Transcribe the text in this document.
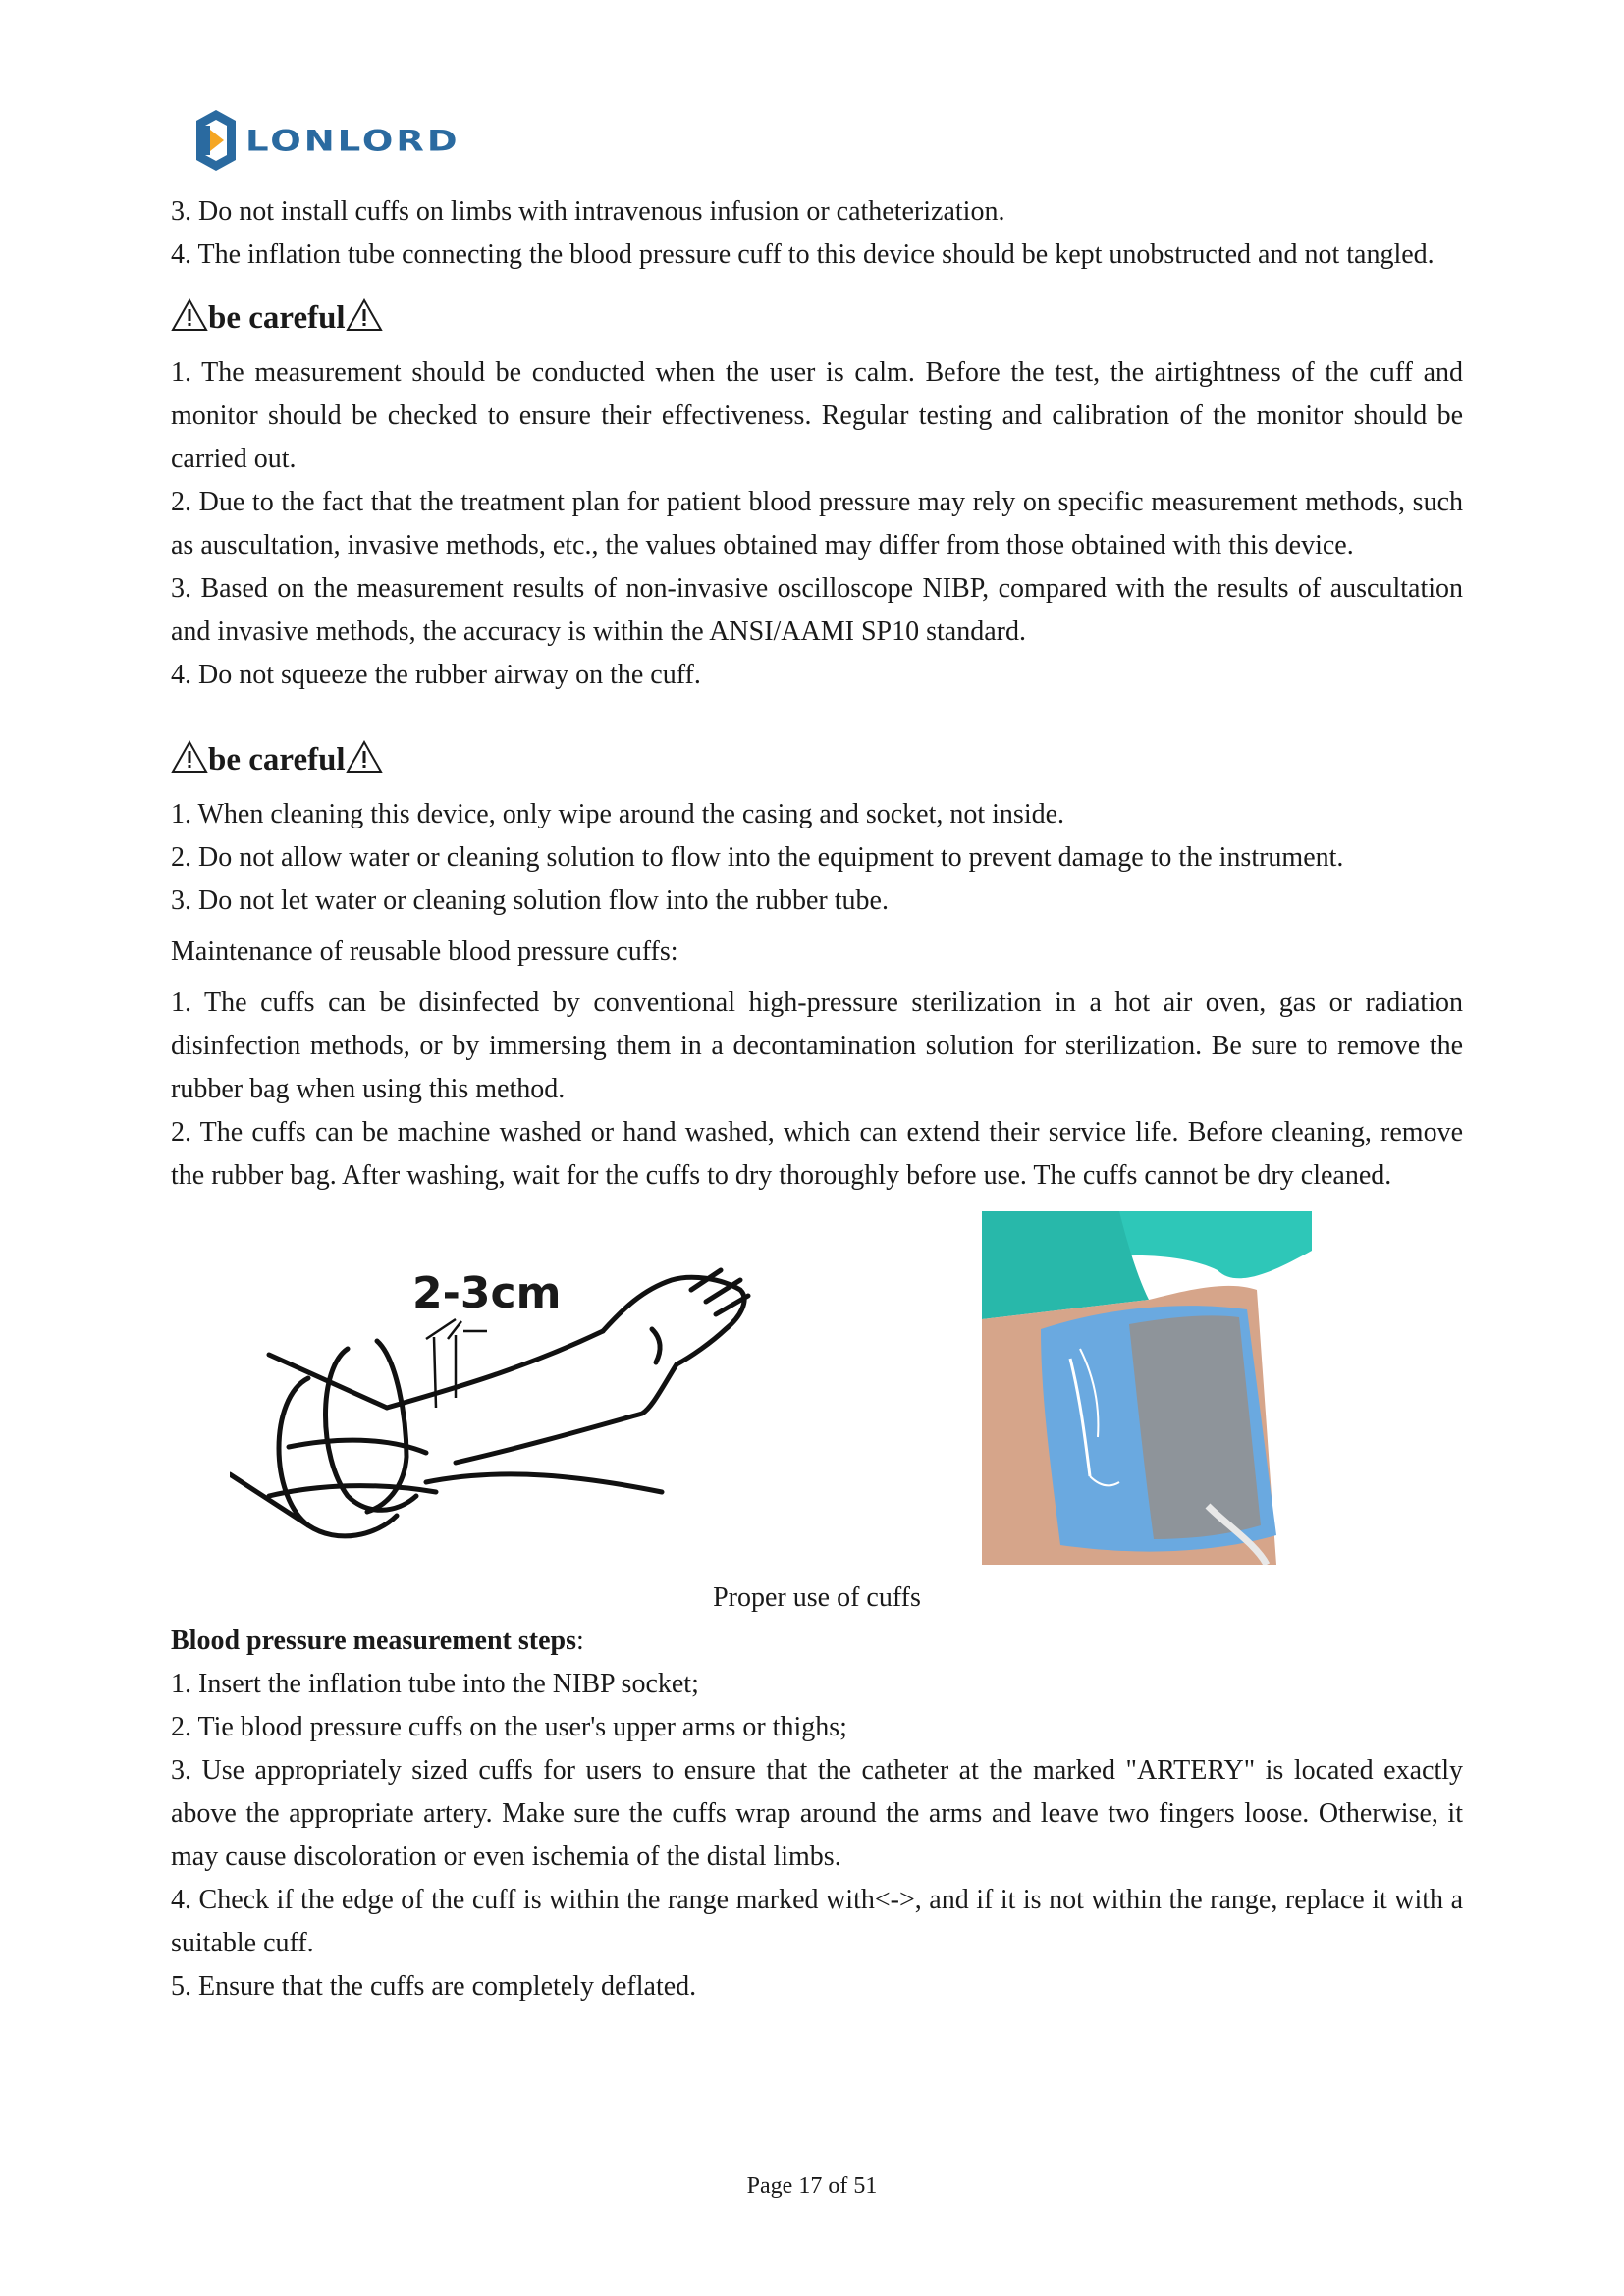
LONLORD

3. Do not install cuffs on limbs with intravenous infusion or catheterization.

4. The inflation tube connecting the blood pressure cuff to this device should be kept unobstructed and not tangled.

be careful

1. The measurement should be conducted when the user is calm. Before the test, the airtightness of the cuff and monitor should be checked to ensure their effectiveness. Regular testing and calibration of the monitor should be carried out.

2. Due to the fact that the treatment plan for patient blood pressure may rely on specific measurement methods, such as auscultation, invasive methods, etc., the values obtained may differ from those obtained with this device.

3. Based on the measurement results of non-invasive oscilloscope NIBP, compared with the results of auscultation and invasive methods, the accuracy is within the ANSI/AAMI SP10 standard.

4. Do not squeeze the rubber airway on the cuff.

be careful

1. When cleaning this device, only wipe around the casing and socket, not inside.

2. Do not allow water or cleaning solution to flow into the equipment to prevent damage to the instrument.

3. Do not let water or cleaning solution flow into the rubber tube.

Maintenance of reusable blood pressure cuffs:

1. The cuffs can be disinfected by conventional high-pressure sterilization in a hot air oven, gas or radiation disinfection methods, or by immersing them in a decontamination solution for sterilization. Be sure to remove the rubber bag when using this method.

2. The cuffs can be machine washed or hand washed, which can extend their service life. Before cleaning, remove the rubber bag. After washing, wait for the cuffs to dry thoroughly before use. The cuffs cannot be dry cleaned.

2-3cm

Proper use of cuffs

Blood pressure measurement steps:

1. Insert the inflation tube into the NIBP socket;

2. Tie blood pressure cuffs on the user's upper arms or thighs;

3. Use appropriately sized cuffs for users to ensure that the catheter at the marked "ARTERY" is located exactly above the appropriate artery. Make sure the cuffs wrap around the arms and leave two fingers loose. Otherwise, it may cause discoloration or even ischemia of the distal limbs.

4. Check if the edge of the cuff is within the range marked with<->, and if it is not within the range, replace it with a suitable cuff.

5. Ensure that the cuffs are completely deflated.

Page 17 of 51
